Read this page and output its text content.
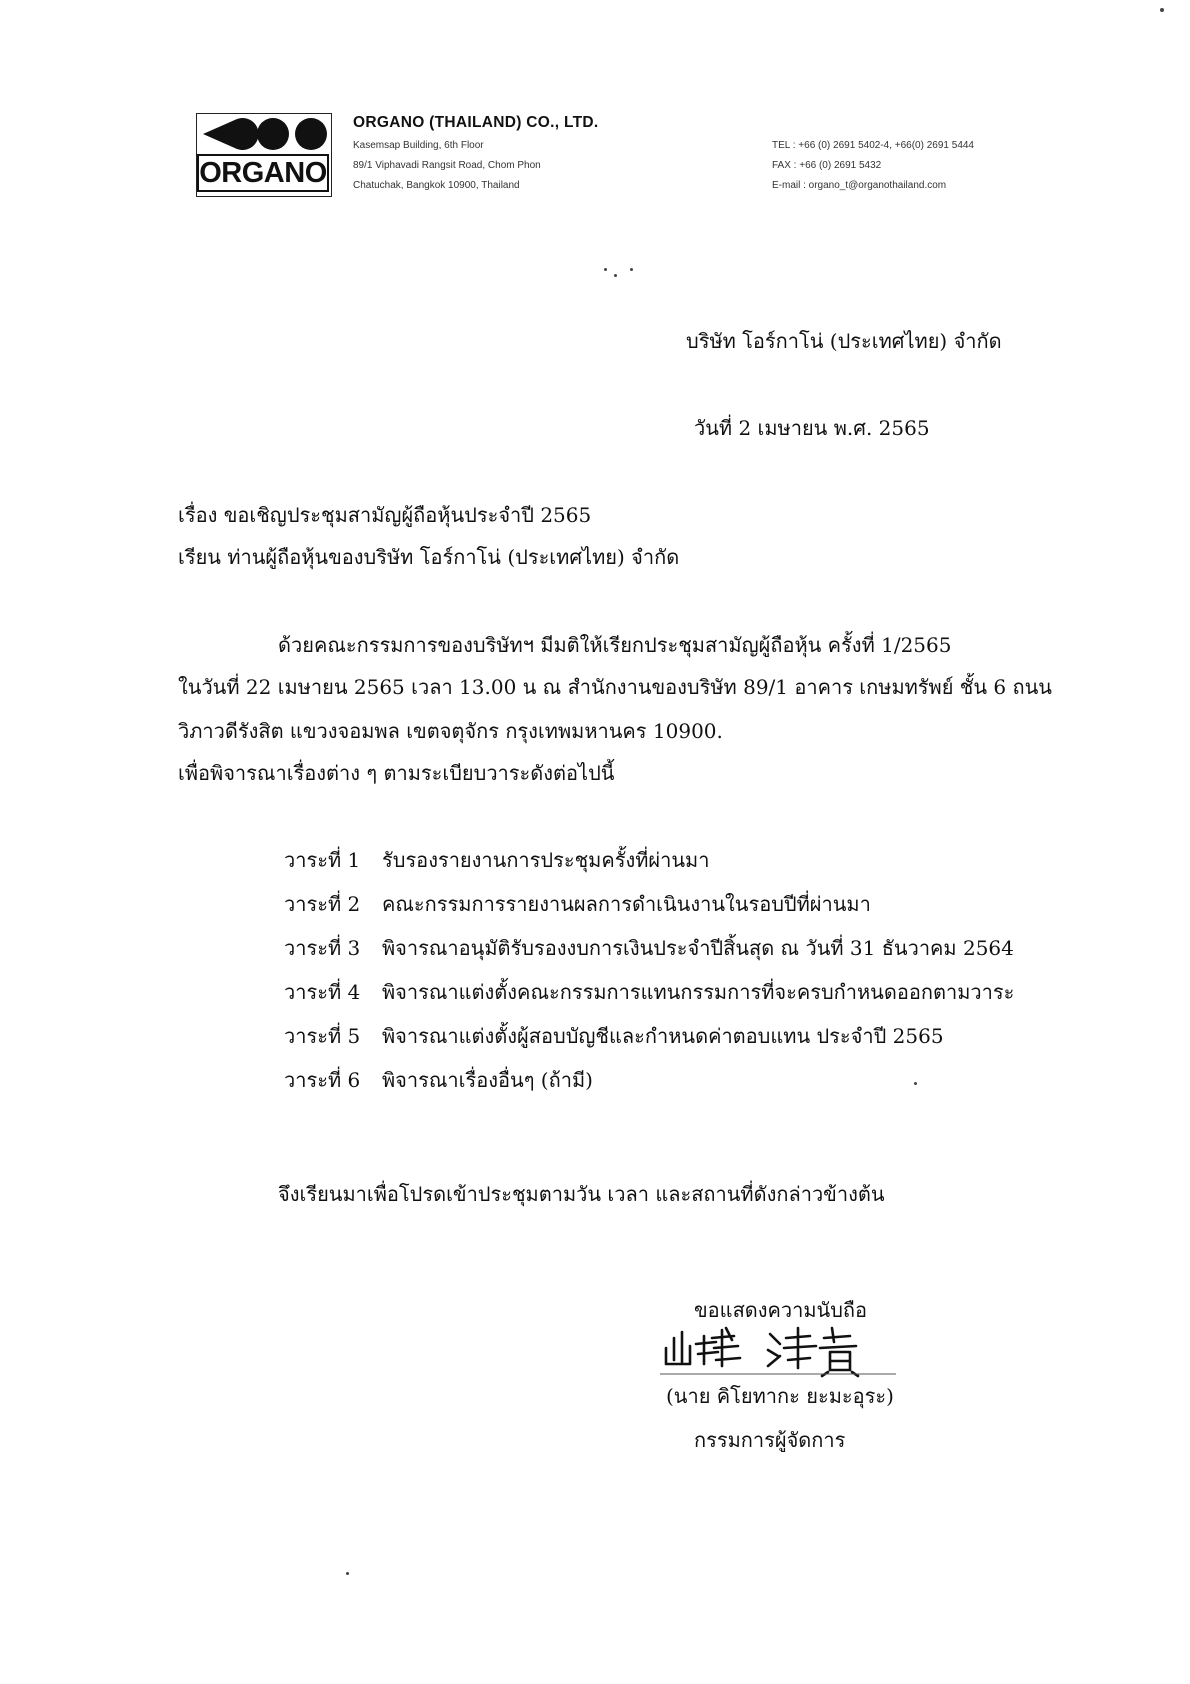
ORGANO
ORGANO (THAILAND) CO., LTD.
Kasemsap Building, 6th Floor
89/1 Viphavadi Rangsit Road, Chom Phon
Chatuchak, Bangkok 10900, Thailand
TEL : +66 (0) 2691 5402-4, +66(0) 2691 5444
FAX : +66 (0) 2691 5432
E-mail : organo_t@organothailand.com
บริษัท โอร์กาโน่ (ประเทศไทย) จำกัด
วันที่ 2 เมษายน พ.ศ. 2565
เรื่อง ขอเชิญประชุมสามัญผู้ถือหุ้นประจำปี 2565
เรียน ท่านผู้ถือหุ้นของบริษัท โอร์กาโน่ (ประเทศไทย) จำกัด
ด้วยคณะกรรมการของบริษัทฯ มีมติให้เรียกประชุมสามัญผู้ถือหุ้น ครั้งที่ 1/2565
ในวันที่ 22 เมษายน 2565 เวลา 13.00 น ณ สำนักงานของบริษัท 89/1 อาคาร เกษมทรัพย์ ชั้น 6 ถนน
วิภาวดีรังสิต แขวงจอมพล เขตจตุจักร กรุงเทพมหานคร 10900.
เพื่อพิจารณาเรื่องต่าง ๆ ตามระเบียบวาระดังต่อไปนี้
วาระที่ 1 รับรองรายงานการประชุมครั้งที่ผ่านมา
วาระที่ 2 คณะกรรมการรายงานผลการดำเนินงานในรอบปีที่ผ่านมา
วาระที่ 3 พิจารณาอนุมัติรับรองงบการเงินประจำปีสิ้นสุด ณ วันที่ 31 ธันวาคม 2564
วาระที่ 4 พิจารณาแต่งตั้งคณะกรรมการแทนกรรมการที่จะครบกำหนดออกตามวาระ
วาระที่ 5 พิจารณาแต่งตั้งผู้สอบบัญชีและกำหนดค่าตอบแทน ประจำปี 2565
วาระที่ 6 พิจารณาเรื่องอื่นๆ (ถ้ามี)
จึงเรียนมาเพื่อโปรดเข้าประชุมตามวัน เวลา และสถานที่ดังกล่าวข้างต้น
ขอแสดงความนับถือ
(นาย คิโยทากะ ยะมะอุระ)
กรรมการผู้จัดการ
